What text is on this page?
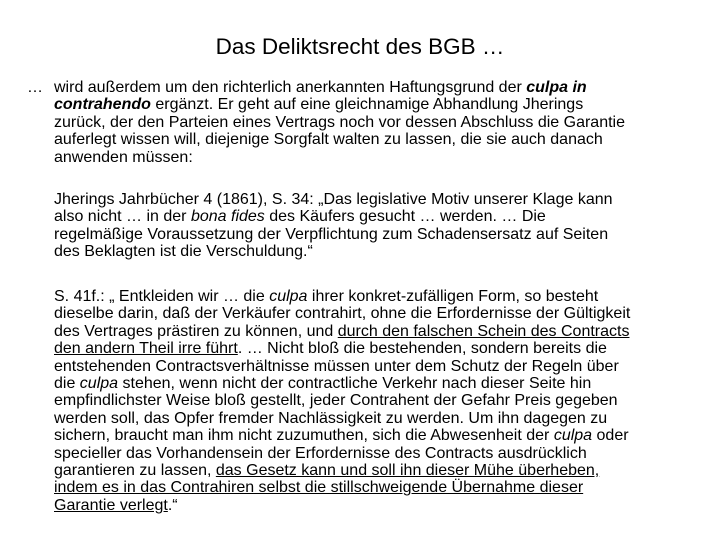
Das Deliktsrecht des BGB …
… wird außerdem um den richterlich anerkannten Haftungsgrund der culpa in
contrahendo ergänzt. Er geht auf eine gleichnamige Abhandlung Jherings
zurück, der den Parteien eines Vertrags noch vor dessen Abschluss die Garantie
auferlegt wissen will, diejenige Sorgfalt walten zu lassen, die sie auch danach
anwenden müssen:
Jherings Jahrbücher 4 (1861), S. 34: „Das legislative Motiv unserer Klage kann
also nicht … in der bona fides des Käufers gesucht … werden. … Die
regelmäßige Voraussetzung der Verpflichtung zum Schadensersatz auf Seiten
des Beklagten ist die Verschuldung.“
S. 41f.: „ Entkleiden wir … die culpa ihrer konkret-zufälligen Form, so besteht
dieselbe darin, daß der Verkäufer contrahirt, ohne die Erfordernisse der Gültigkeit
des Vertrages prästiren zu können, und durch den falschen Schein des Contracts
den andern Theil irre führt. … Nicht bloß die bestehenden, sondern bereits die
entstehenden Contractsverhältnisse müssen unter dem Schutz der Regeln über
die culpa stehen, wenn nicht der contractliche Verkehr nach dieser Seite hin
empfindlichster Weise bloß gestellt, jeder Contrahent der Gefahr Preis gegeben
werden soll, das Opfer fremder Nachlässigkeit zu werden. Um ihn dagegen zu
sichern, braucht man ihm nicht zuzumuthen, sich die Abwesenheit der culpa oder
specieller das Vorhandensein der Erfordernisse des Contracts ausdrücklich
garantieren zu lassen, das Gesetz kann und soll ihn dieser Mühe überheben,
indem es in das Contrahiren selbst die stillschweigende Übernahme dieser
Garantie verlegt.“
